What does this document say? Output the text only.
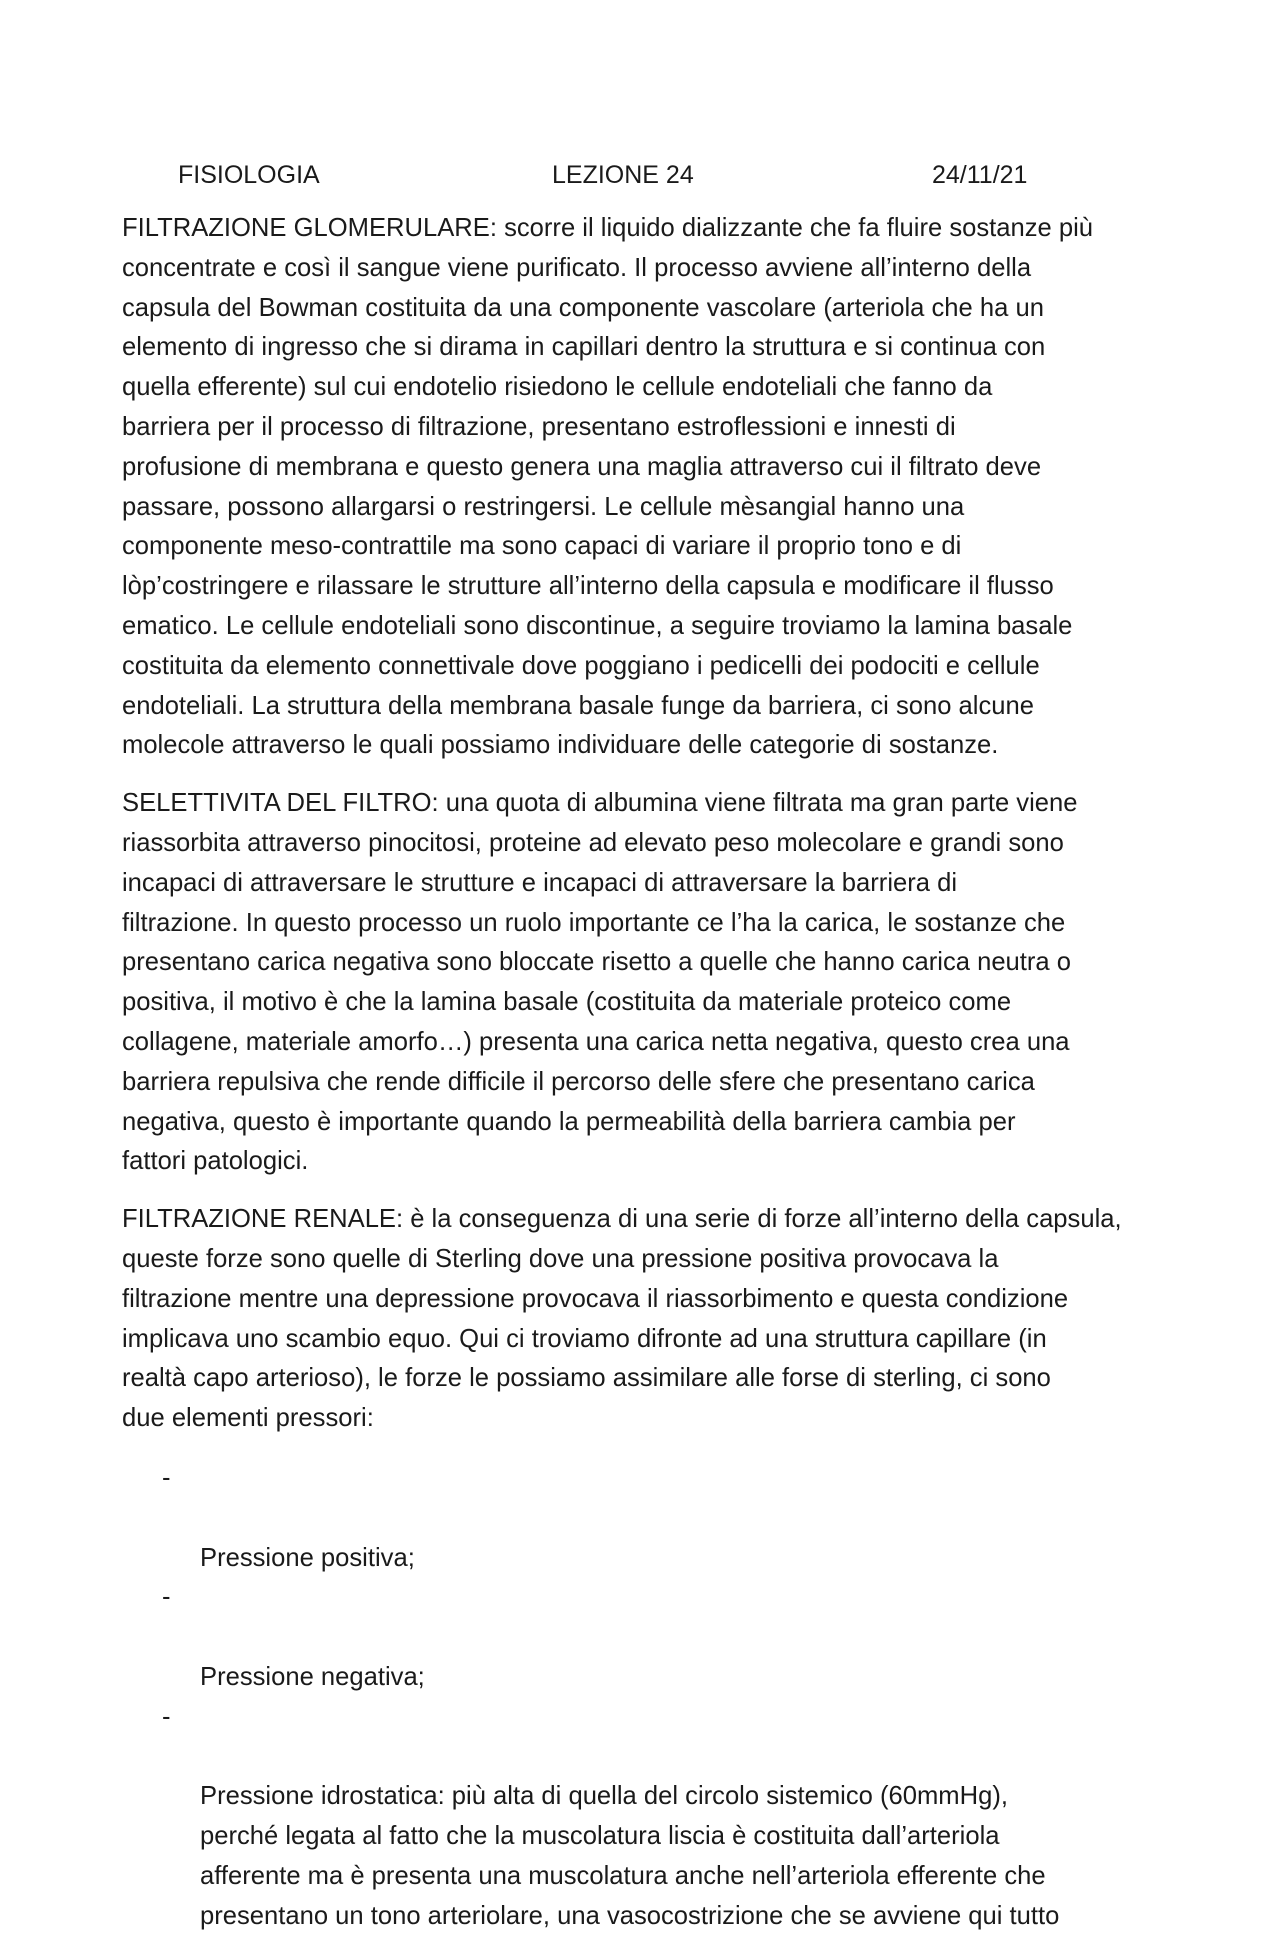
FISIOLOGIA	LEZIONE 24	24/11/21

FILTRAZIONE GLOMERULARE: scorre il liquido dializzante che fa fluire sostanze più
concentrate e così il sangue viene purificato. Il processo avviene all’interno della
capsula del Bowman costituita da una componente vascolare (arteriola che ha un
elemento di ingresso che si dirama in capillari dentro la struttura e si continua con
quella efferente) sul cui endotelio risiedono le cellule endoteliali che fanno da
barriera per il processo di filtrazione, presentano estroflessioni e innesti di
profusione di membrana e questo genera una maglia attraverso cui il filtrato deve
passare, possono allargarsi o restringersi. Le cellule mèsangial hanno una
componente meso-contrattile ma sono capaci di variare il proprio tono e di
lòp’costringere e rilassare le strutture all’interno della capsula e modificare il flusso
ematico. Le cellule endoteliali sono discontinue, a seguire troviamo la lamina basale
costituita da elemento connettivale dove poggiano i pedicelli dei podociti e cellule
endoteliali. La struttura della membrana basale funge da barriera, ci sono alcune
molecole attraverso le quali possiamo individuare delle categorie di sostanze.

SELETTIVITA DEL FILTRO: una quota di albumina viene filtrata ma gran parte viene
riassorbita attraverso pinocitosi, proteine ad elevato peso molecolare e grandi sono
incapaci di attraversare le strutture e incapaci di attraversare la barriera di
filtrazione. In questo processo un ruolo importante ce l’ha la carica, le sostanze che
presentano carica negativa sono bloccate risetto a quelle che hanno carica neutra o
positiva, il motivo è che la lamina basale (costituita da materiale proteico come
collagene, materiale amorfo…) presenta una carica netta negativa, questo crea una
barriera repulsiva che rende difficile il percorso delle sfere che presentano carica
negativa, questo è importante quando la permeabilità della barriera cambia per
fattori patologici.

FILTRAZIONE RENALE: è la conseguenza di una serie di forze all’interno della capsula,
queste forze sono quelle di Sterling dove una pressione positiva provocava la
filtrazione mentre una depressione provocava il riassorbimento e questa condizione
implicava uno scambio equo. Qui ci troviamo difronte ad una struttura capillare (in
realtà capo arterioso), le forze le possiamo assimilare alle forse di sterling, ci sono
due elementi pressori:

-

Pressione positiva;

-

Pressione negativa;

-

Pressione idrostatica: più alta di quella del circolo sistemico (60mmHg),
perché legata al fatto che la muscolatura liscia è costituita dall’arteriola
afferente ma è presenta una muscolatura anche nell’arteriola efferente che
presentano un tono arteriolare, una vasocostrizione che se avviene qui tutto
